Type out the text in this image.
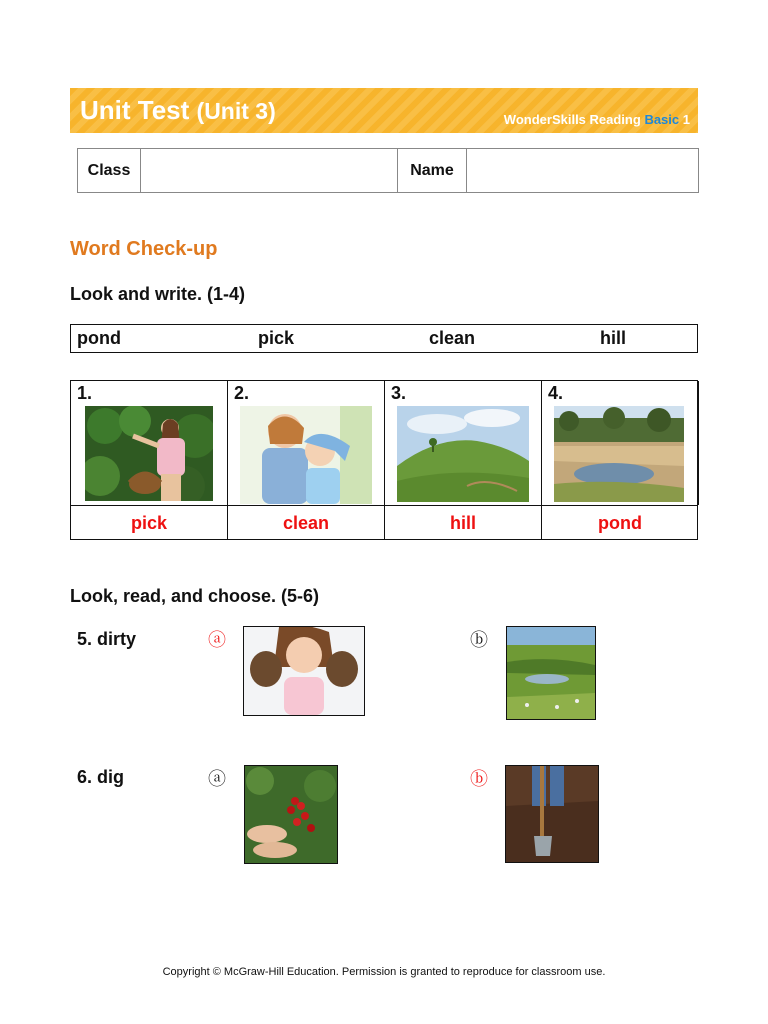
Unit Test (Unit 3)	WonderSkills Reading Basic 1
Class	Name
Word Check-up
Look and write. (1-4)
pond	pick	clean	hill
1.	2.	3.	4.
pick	clean	hill	pond
Look, read, and choose. (5-6)
5. dirty	ⓐ	ⓑ
6. dig	ⓐ	ⓑ
Copyright © McGraw-Hill Education. Permission is granted to reproduce for classroom use.
